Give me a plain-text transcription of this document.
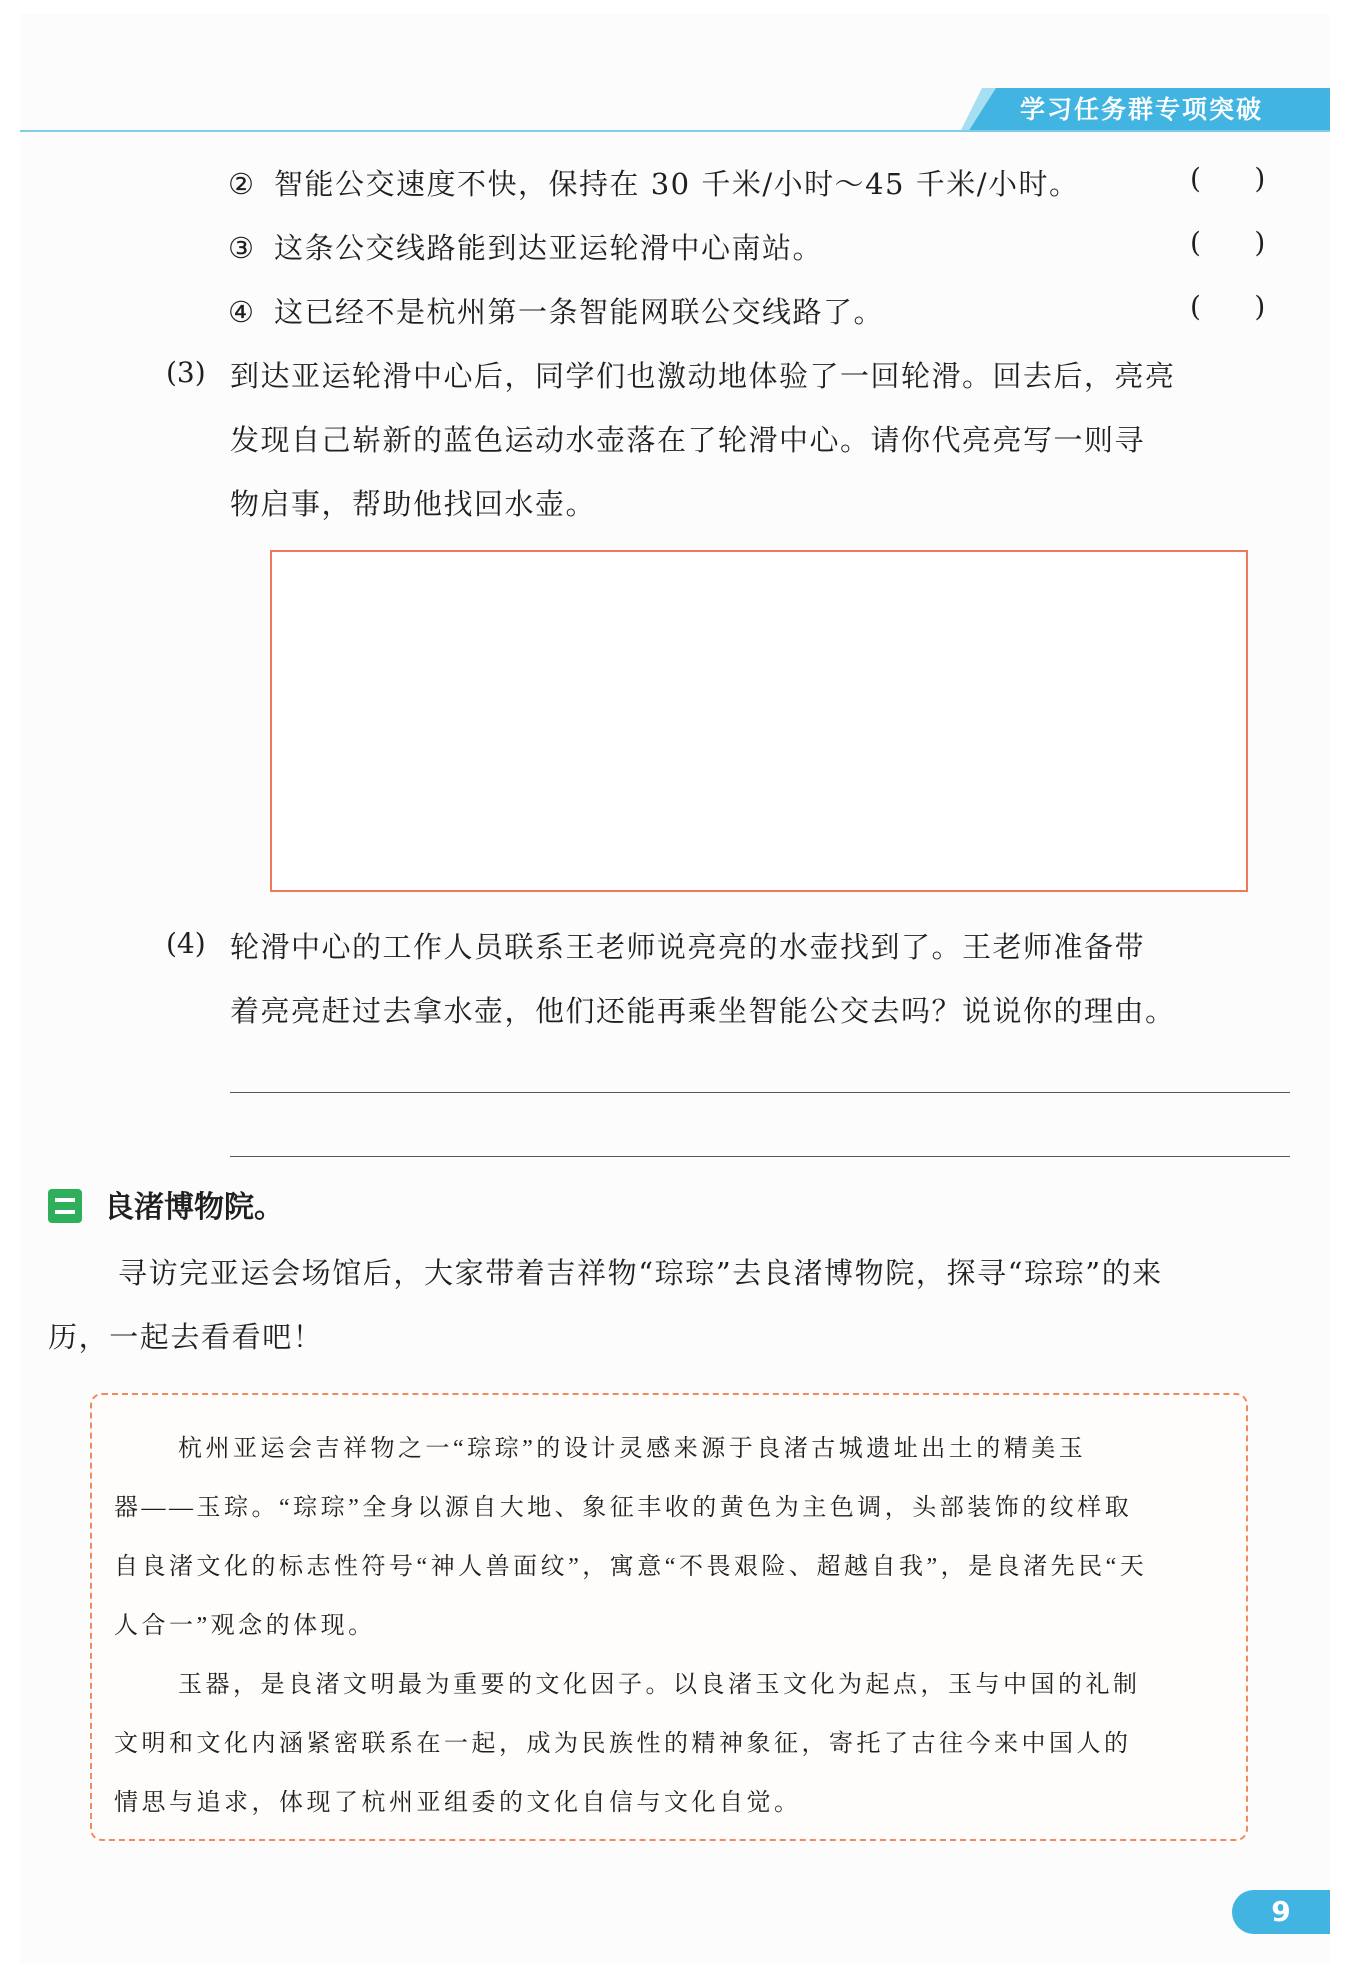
学习任务群专项突破
② 智能公交速度不快，保持在 30 千米/小时～45 千米/小时。	(      )
③ 这条公交线路能到达亚运轮滑中心南站。	(      )
④ 这已经不是杭州第一条智能网联公交线路了。	(      )
(3) 到达亚运轮滑中心后，同学们也激动地体验了一回轮滑。回去后，亮亮
发现自己崭新的蓝色运动水壶落在了轮滑中心。请你代亮亮写一则寻
物启事，帮助他找回水壶。
(4) 轮滑中心的工作人员联系王老师说亮亮的水壶找到了。王老师准备带
着亮亮赶过去拿水壶，他们还能再乘坐智能公交去吗？说说你的理由。
良渚博物院。
寻访完亚运会场馆后，大家带着吉祥物“琮琮”去良渚博物院，探寻“琮琮”的来
历，一起去看看吧！
杭州亚运会吉祥物之一“琮琮”的设计灵感来源于良渚古城遗址出土的精美玉
器——玉琮。“琮琮”全身以源自大地、象征丰收的黄色为主色调，头部装饰的纹样取
自良渚文化的标志性符号“神人兽面纹”，寓意“不畏艰险、超越自我”，是良渚先民“天
人合一”观念的体现。
玉器，是良渚文明最为重要的文化因子。以良渚玉文化为起点，玉与中国的礼制
文明和文化内涵紧密联系在一起，成为民族性的精神象征，寄托了古往今来中国人的
情思与追求，体现了杭州亚组委的文化自信与文化自觉。
9
